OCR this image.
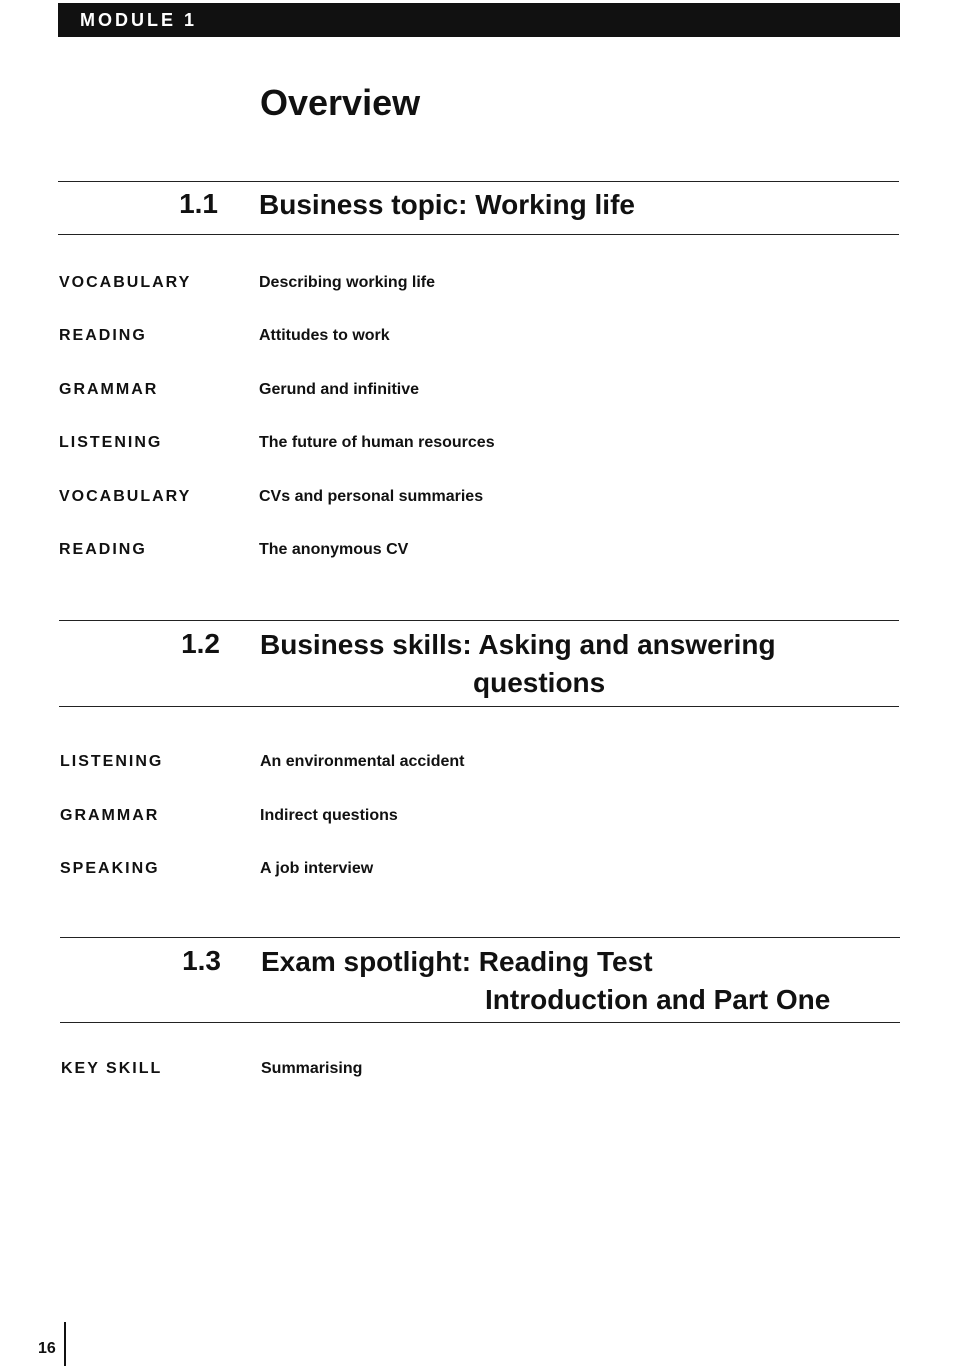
MODULE 1
Overview
1.1 Business topic: Working life
VOCABULARY	Describing working life
READING	Attitudes to work
GRAMMAR	Gerund and infinitive
LISTENING	The future of human resources
VOCABULARY	CVs and personal summaries
READING	The anonymous CV
1.2 Business skills: Asking and answering
questions
LISTENING	An environmental accident
GRAMMAR	Indirect questions
SPEAKING	A job interview
1.3 Exam spotlight: Reading Test
Introduction and Part One
KEY SKILL	Summarising
16
